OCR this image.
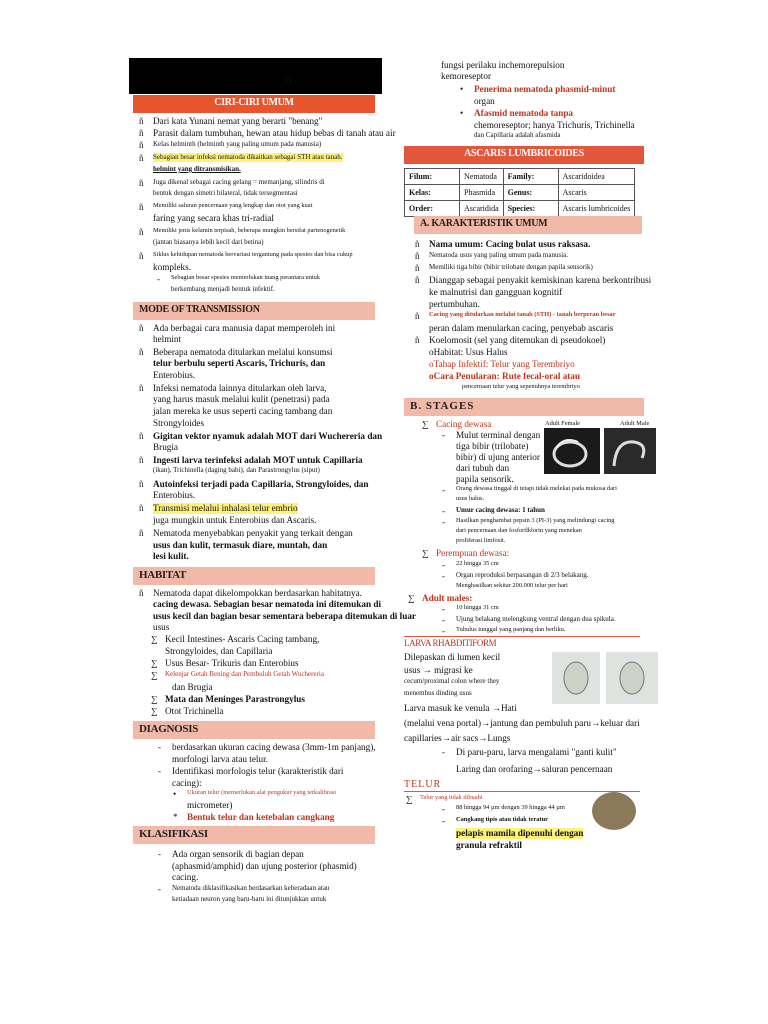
3)
CIRI-CIRI UMUM
Dari kata Yunani nemat yang berarti "benang"
ñ
Parasit dalam tumbuhan, hewan atau hidup bebas di tanah atau air
ñ
Kelas helminth (helminth yang paling umum pada manusia)
ñ
Sebagian besar infeksi nematoda dikaitkan sebagai STH atau tanah.
ñ
helmint yang ditransmisikan.
Juga dikenal sebagai cacing gelang = memanjang, silindris di
ñ
bentuk dengan simetri bilateral, tidak tersegmentasi
Memiliki saluran pencernaan yang lengkap dan otot yang kuat
ñ
faring yang secara khas tri-radial
Memiliki jenis kelamin terpisah, beberapa mungkin bersifat partenogenetik
ñ
(jantan biasanya lebih kecil dari betina)
Siklus kehidupan nematoda bervariasi tergantung pada spesies dan bisa cukup
ñ
kompleks.
Sebagian besar spesies memerlukan inang perantara untuk
-
berkembang menjadi bentuk infektif.
MODE OF TRANSMISSION
Ada berbagai cara manusia dapat memperoleh ini
ñ
helmint
Beberapa nematoda ditularkan melalui konsumsi
ñ
telur berbulu seperti Ascaris, Trichuris, dan
Enterobius.
Infeksi nematoda lainnya ditularkan oleh larva,
ñ
yang harus masuk melalui kulit (penetrasi) pada
jalan mereka ke usus seperti cacing tambang dan
Strongyloides
Gigitan vektor nyamuk adalah MOT dari Wuchereria dan
ñ
Brugia
Ingesti larva terinfeksi adalah MOT untuk Capillaria
ñ
(ikan), Trichinella (daging babi), dan Parastrongylus (siput)
Autoinfeksi terjadi pada Capillaria, Strongyloides, dan
ñ
Enterobius.
Transmisi melalui inhalasi telur embrio
ñ
juga mungkin untuk Enterobius dan Ascaris.
Nematoda menyebabkan penyakit yang terkait dengan
ñ
usus dan kulit, termasuk diare, muntah, dan
lesi kulit.
HABITAT
Nematoda dapat dikelompokkan berdasarkan habitatnya.
ñ
cacing dewasa. Sebagian besar nematoda ini ditemukan di
usus kecil dan bagian besar sementara beberapa ditemukan di luar
usus
Kecil Intestines- Ascaris Cacing tambang,
∑
Strongyloides, dan Capillaria
Usus Besar- Trikuris dan Enterobius
∑
Kelenjar Getah Bening dan Pembuluh Getah Wuchereria
∑
dan Brugia
Mata dan Meninges Parastrongylus
∑
Otot Trichinella
∑
DIAGNOSIS
berdasarkan ukuran cacing dewasa (3mm-1m panjang),
-
morfologi larva atau telur.
Identifikasi morfologis telur (karakteristik dari
-
cacing):
Ukuran telur (memerlukan alat pengukur yang terkalibrasi
•
micrometer)
Bentuk telur dan ketebalan cangkang
*
KLASIFIKASI
Ada organ sensorik di bagian depan
-
(aphasmid/amphid) dan ujung posterior (phasmid)
cacing.
Nematoda diklasifikasikan berdasarkan keberadaan atau
-
ketiadaan neuron yang baru-baru ini ditunjukkan untuk
fungsi perilaku inchemorepulsion
kemoreseptor
Penerima nematoda phasmid-minut
•
organ
Afasmid nematoda tanpa
•
chemoreseptor; hanya Trichuris, Trichinella
dan Capillaria adalah afasmida
ASCARIS LUMBRICOIDES
Filum:	Nematoda	Family:	Ascaridoidea
Kelas:	Phasmida	Genus:	Ascaris
Order:	Ascaridida	Species:	Ascaris lumbricoides
A. KARAKTERISTIK UMUM
Nama umum: Cacing bulat usus raksasa.
ñ
Nematoda usus yang paling umum pada manusia.
ñ
Memiliki tiga bibir (bibir trilobate dengan papila sensorik)
ñ
Dianggap sebagai penyakit kemiskinan karena berkontribusi
ñ
ke malnutrisi dan gangguan kognitif
pertumbuhan.
Cacing yang ditularkan melalui tanah (STH) - tanah berperan besar
ñ
peran dalam menularkan cacing, penyebab ascaris
Koelomosit (sel yang ditemukan di pseudokoel)
ñ
oHabitat: Usus Halus
oTahap Infektif: Telur yang Terembriyo
oCara Penularan: Rute fecal-oral atau
pencernaan telur yang sepenuhnya terembriyo
B. STAGES
Cacing dewasa
∑
Mulut terminal dengan
-
tiga bibir (trilobate)
bibir) di ujung anterior
dari tubuh dan
papila sensorik.
Orang dewasa tinggal di tetapi tidak melekat pada mukosa dari
-
usus halus.
Umur cacing dewasa: 1 tahun
-
Hasilkan penghambat pepsin 3 (PI-3) yang melindungi cacing
-
dari pencernaan dan fosforilklorin yang menekan
proliferasi limfosit.
Perempuan dewasa:
∑
22 hingga 35 cm
-
Organ reproduksi berpasangan di 2/3 belakang.
-
Menghasilkan sekitar 200.000 telur per hari
Adult males:
∑
10 hingga 31 cm
-
Ujung belakang melengkung ventral dengan dua spikula.
-
Tubulus tunggal yang panjang dan berliku.
-
Adult Female	Adult Male
LARVA RHABDITIFORM
Dilepaskan di lumen kecil
usus → migrasi ke
cecum/proximal colon where they
menembus dinding usus
Larva masuk ke venula →Hati
(melalui vena portal)→jantung dan pembuluh paru→keluar dari
capillaries→air sacs→Lungs
Di paru-paru, larva mengalami "ganti kulit"
-
Laring dan orofaring→saluran pencernaan
TELUR
Telur yang tidak dibuahi
∑
88 hingga 94 µm dengan 39 hingga 44 µm
-
Cangkang tipis atau tidak teratur
-
pelapis mamila dipenuhi dengan
granula refraktil
